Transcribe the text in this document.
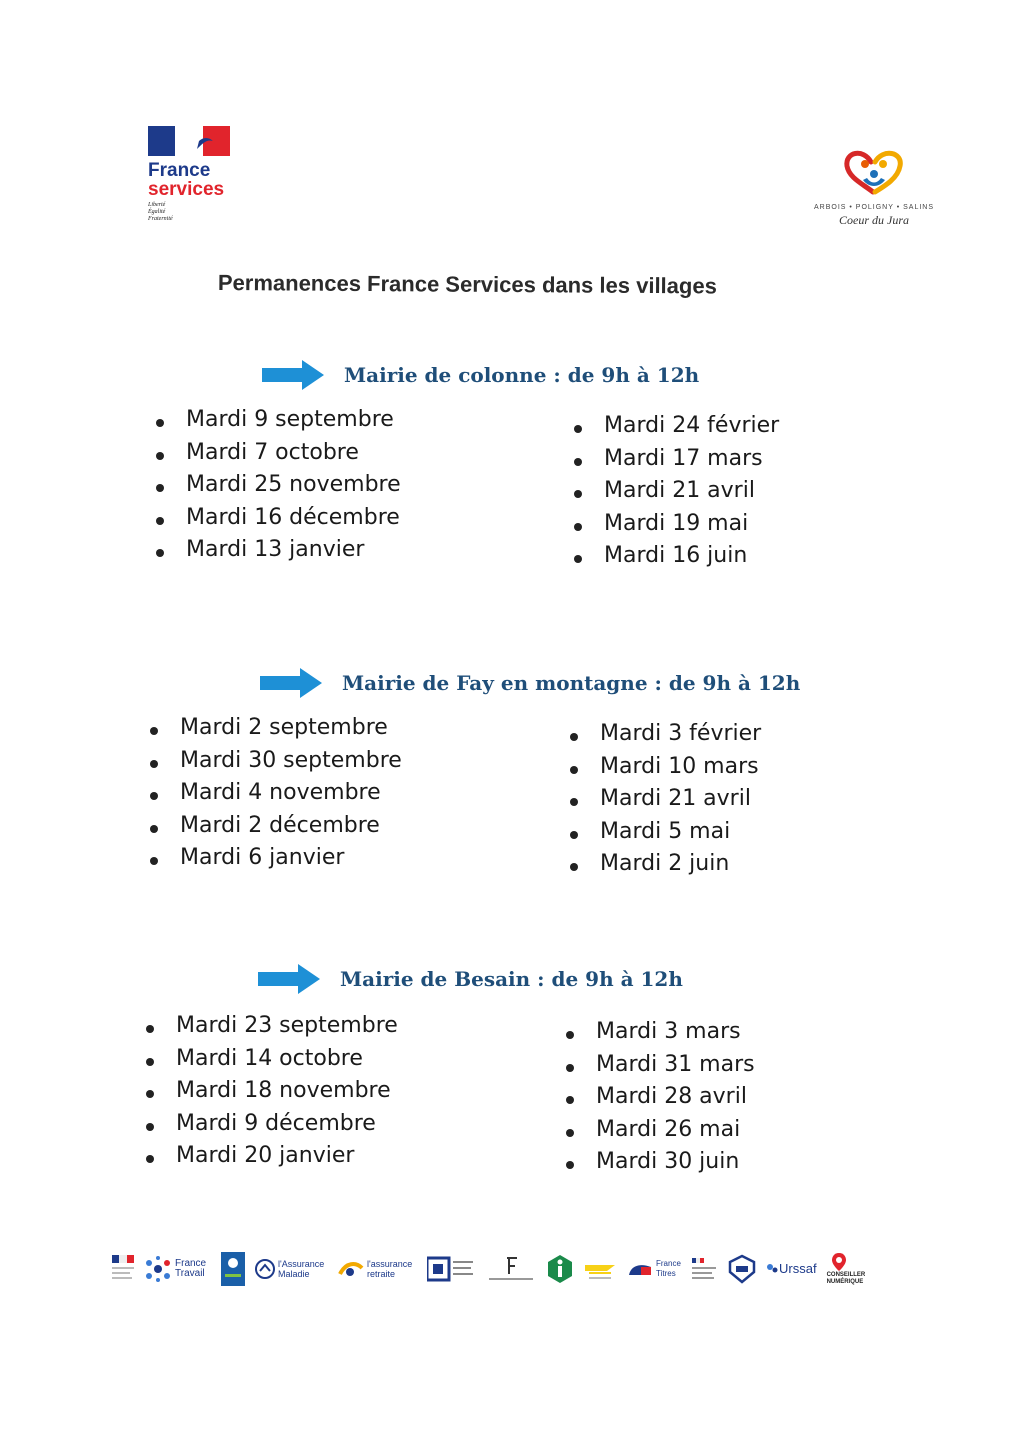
France
services
Liberté
Égalité
Fraternité
ARBOIS • POLIGNY • SALINS
Coeur du Jura
Permanences France Services dans les villages
Mairie de colonne : de 9h à 12h
Mardi 9 septembre
Mardi 7 octobre
Mardi 25 novembre
Mardi 16 décembre
Mardi 13 janvier
Mardi 24 février
Mardi 17 mars
Mardi 21 avril
Mardi 19 mai
Mardi 16 juin
Mairie de Fay en montagne : de 9h à 12h
Mardi 2 septembre
Mardi 30 septembre
Mardi 4 novembre
Mardi 2 décembre
Mardi 6 janvier
Mardi 3 février
Mardi 10 mars
Mardi 21 avril
Mardi 5 mai
Mardi 2 juin
Mairie de Besain : de 9h à 12h
Mardi 23 septembre
Mardi 14 octobre
Mardi 18 novembre
Mardi 9 décembre
Mardi 20 janvier
Mardi 3 mars
Mardi 31 mars
Mardi 28 avril
Mardi 26 mai
Mardi 30 juin
France Travail
l'Assurance Maladie
l'assurance retraite
France Titres	Urssaf CONSEILLER NUMÉRIQUE
